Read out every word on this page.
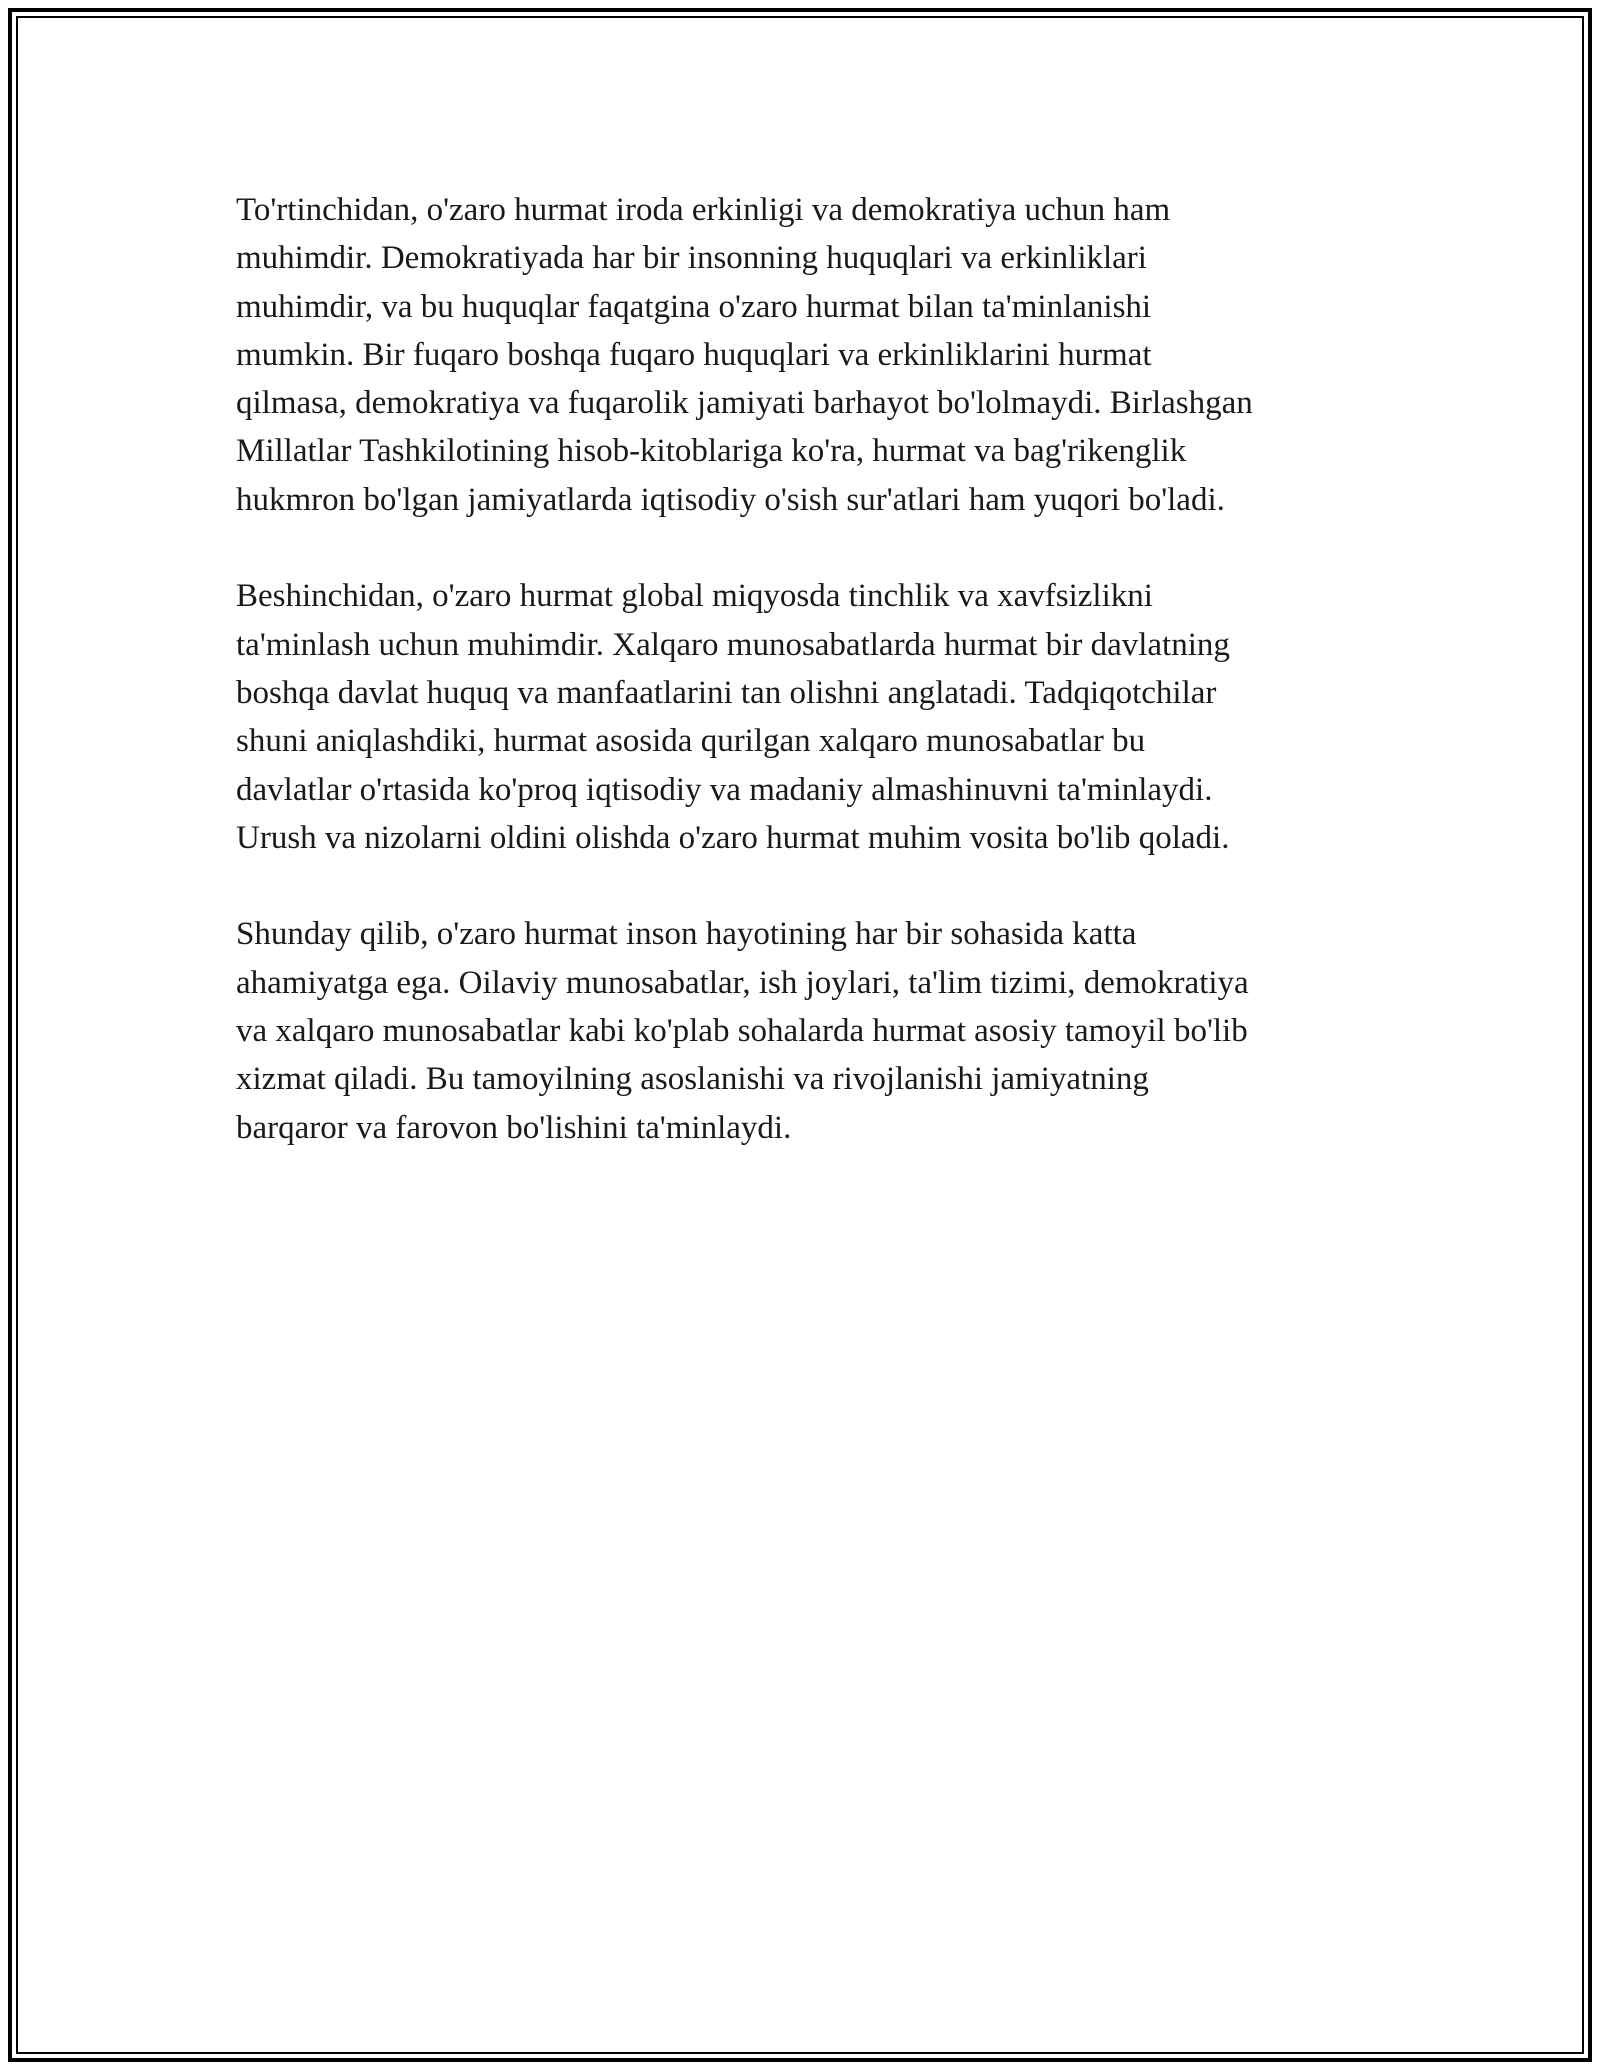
To'rtinchidan, o'zaro hurmat iroda erkinligi va demokratiya uchun ham
muhimdir. Demokratiyada har bir insonning huquqlari va erkinliklari
muhimdir, va bu huquqlar faqatgina o'zaro hurmat bilan ta'minlanishi
mumkin. Bir fuqaro boshqa fuqaro huquqlari va erkinliklarini hurmat
qilmasa, demokratiya va fuqarolik jamiyati barhayot bo'lolmaydi. Birlashgan
Millatlar Tashkilotining hisob-kitoblariga ko'ra, hurmat va bag'rikenglik
hukmron bo'lgan jamiyatlarda iqtisodiy o'sish sur'atlari ham yuqori bo'ladi.

Beshinchidan, o'zaro hurmat global miqyosda tinchlik va xavfsizlikni
ta'minlash uchun muhimdir. Xalqaro munosabatlarda hurmat bir davlatning
boshqa davlat huquq va manfaatlarini tan olishni anglatadi. Tadqiqotchilar
shuni aniqlashdiki, hurmat asosida qurilgan xalqaro munosabatlar bu
davlatlar o'rtasida ko'proq iqtisodiy va madaniy almashinuvni ta'minlaydi.
Urush va nizolarni oldini olishda o'zaro hurmat muhim vosita bo'lib qoladi.

Shunday qilib, o'zaro hurmat inson hayotining har bir sohasida katta
ahamiyatga ega. Oilaviy munosabatlar, ish joylari, ta'lim tizimi, demokratiya
va xalqaro munosabatlar kabi ko'plab sohalarda hurmat asosiy tamoyil bo'lib
xizmat qiladi. Bu tamoyilning asoslanishi va rivojlanishi jamiyatning
barqaror va farovon bo'lishini ta'minlaydi.
